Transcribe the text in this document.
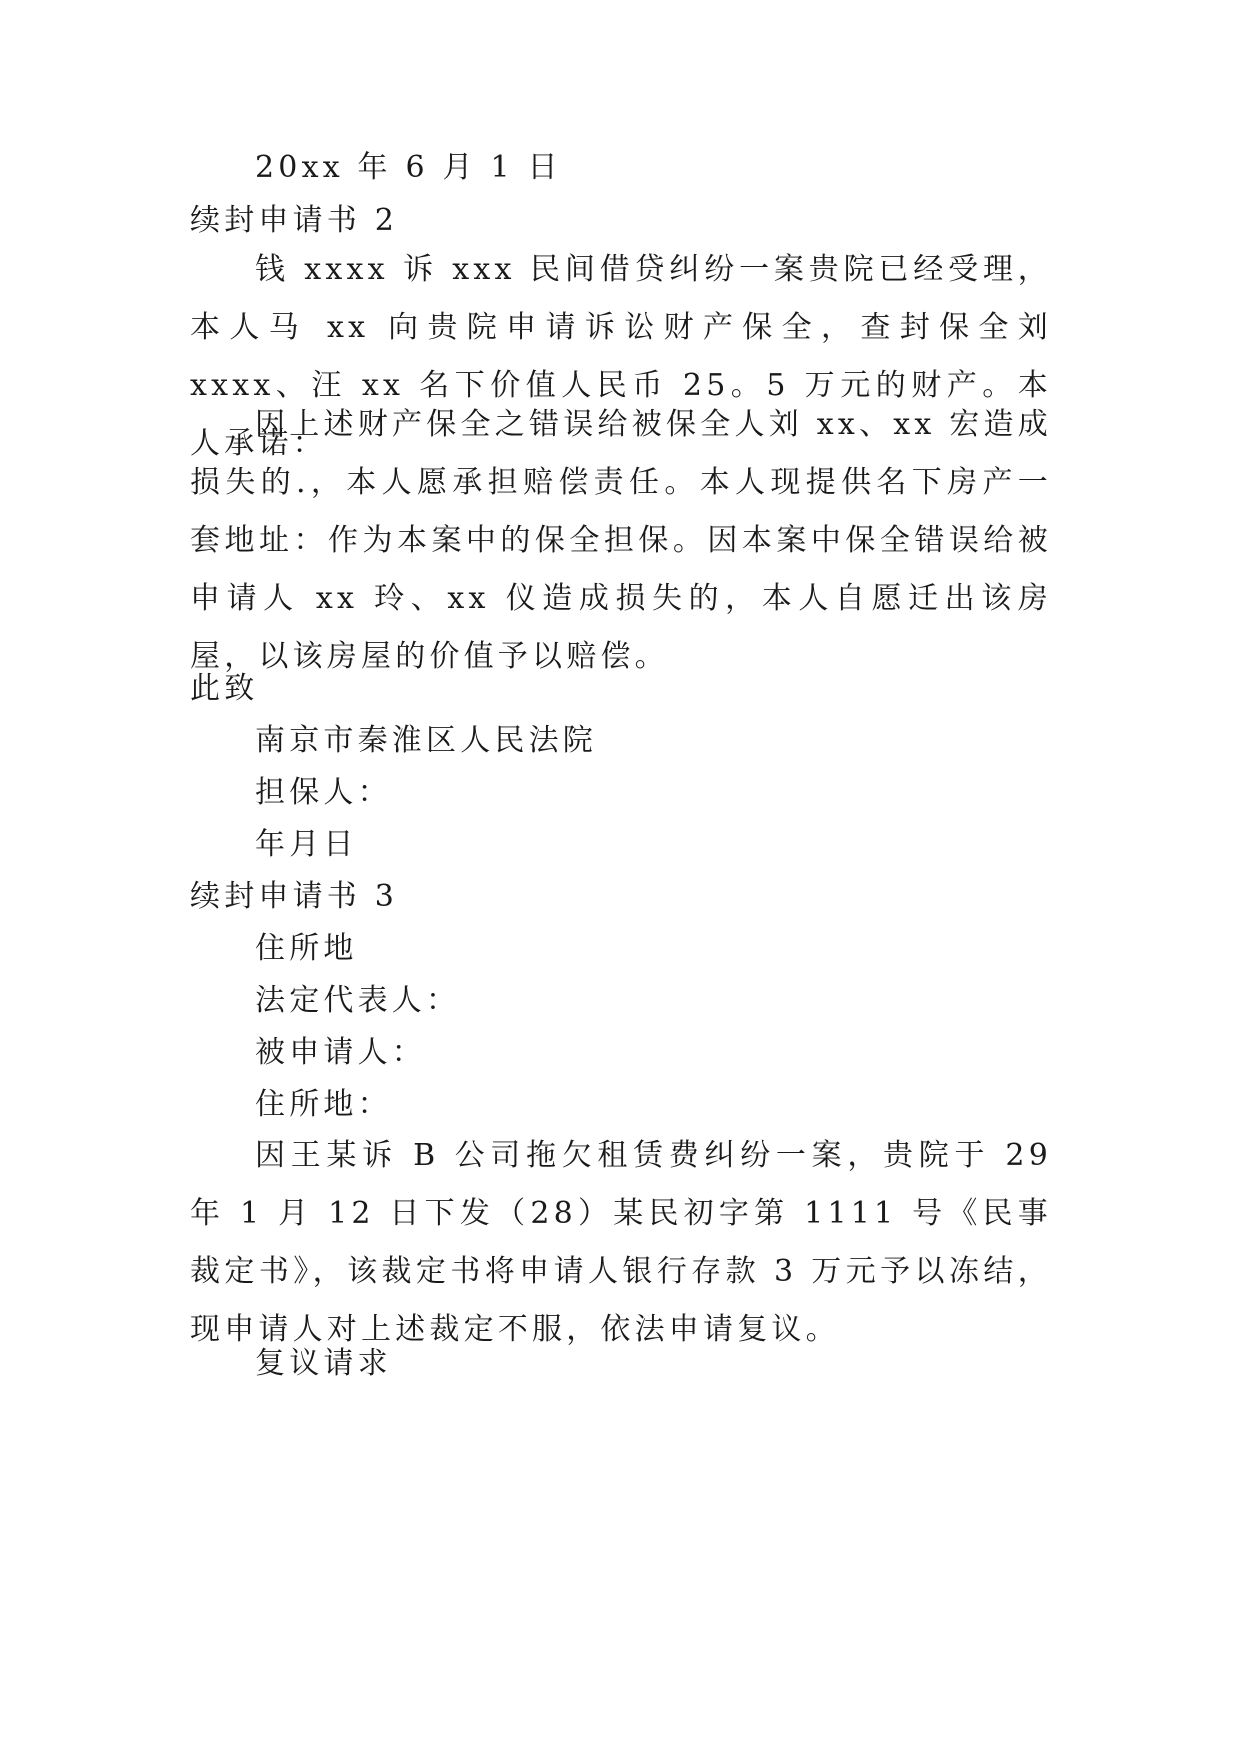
20xx 年 6 月 1 日
续封申请书 2
钱 xxxx 诉 xxx 民间借贷纠纷一案贵院已经受理，本人马 xx 向贵院申请诉讼财产保全，查封保全刘 xxxx、汪 xx 名下价值人民币 25。5 万元的财产。本人承诺：
因上述财产保全之错误给被保全人刘 xx、xx 宏造成损失的.，本人愿承担赔偿责任。本人现提供名下房产一套地址：作为本案中的保全担保。因本案中保全错误给被申请人 xx 玲、xx 仪造成损失的，本人自愿迁出该房屋，以该房屋的价值予以赔偿。
此致
南京市秦淮区人民法院
担保人：
年月日
续封申请书 3
住所地
法定代表人：
被申请人：
住所地：
因王某诉 B 公司拖欠租赁费纠纷一案，贵院于 29 年 1 月 12 日下发（28）某民初字第 1111 号《民事裁定书》，该裁定书将申请人银行存款 3 万元予以冻结，现申请人对上述裁定不服，依法申请复议。
复议请求
